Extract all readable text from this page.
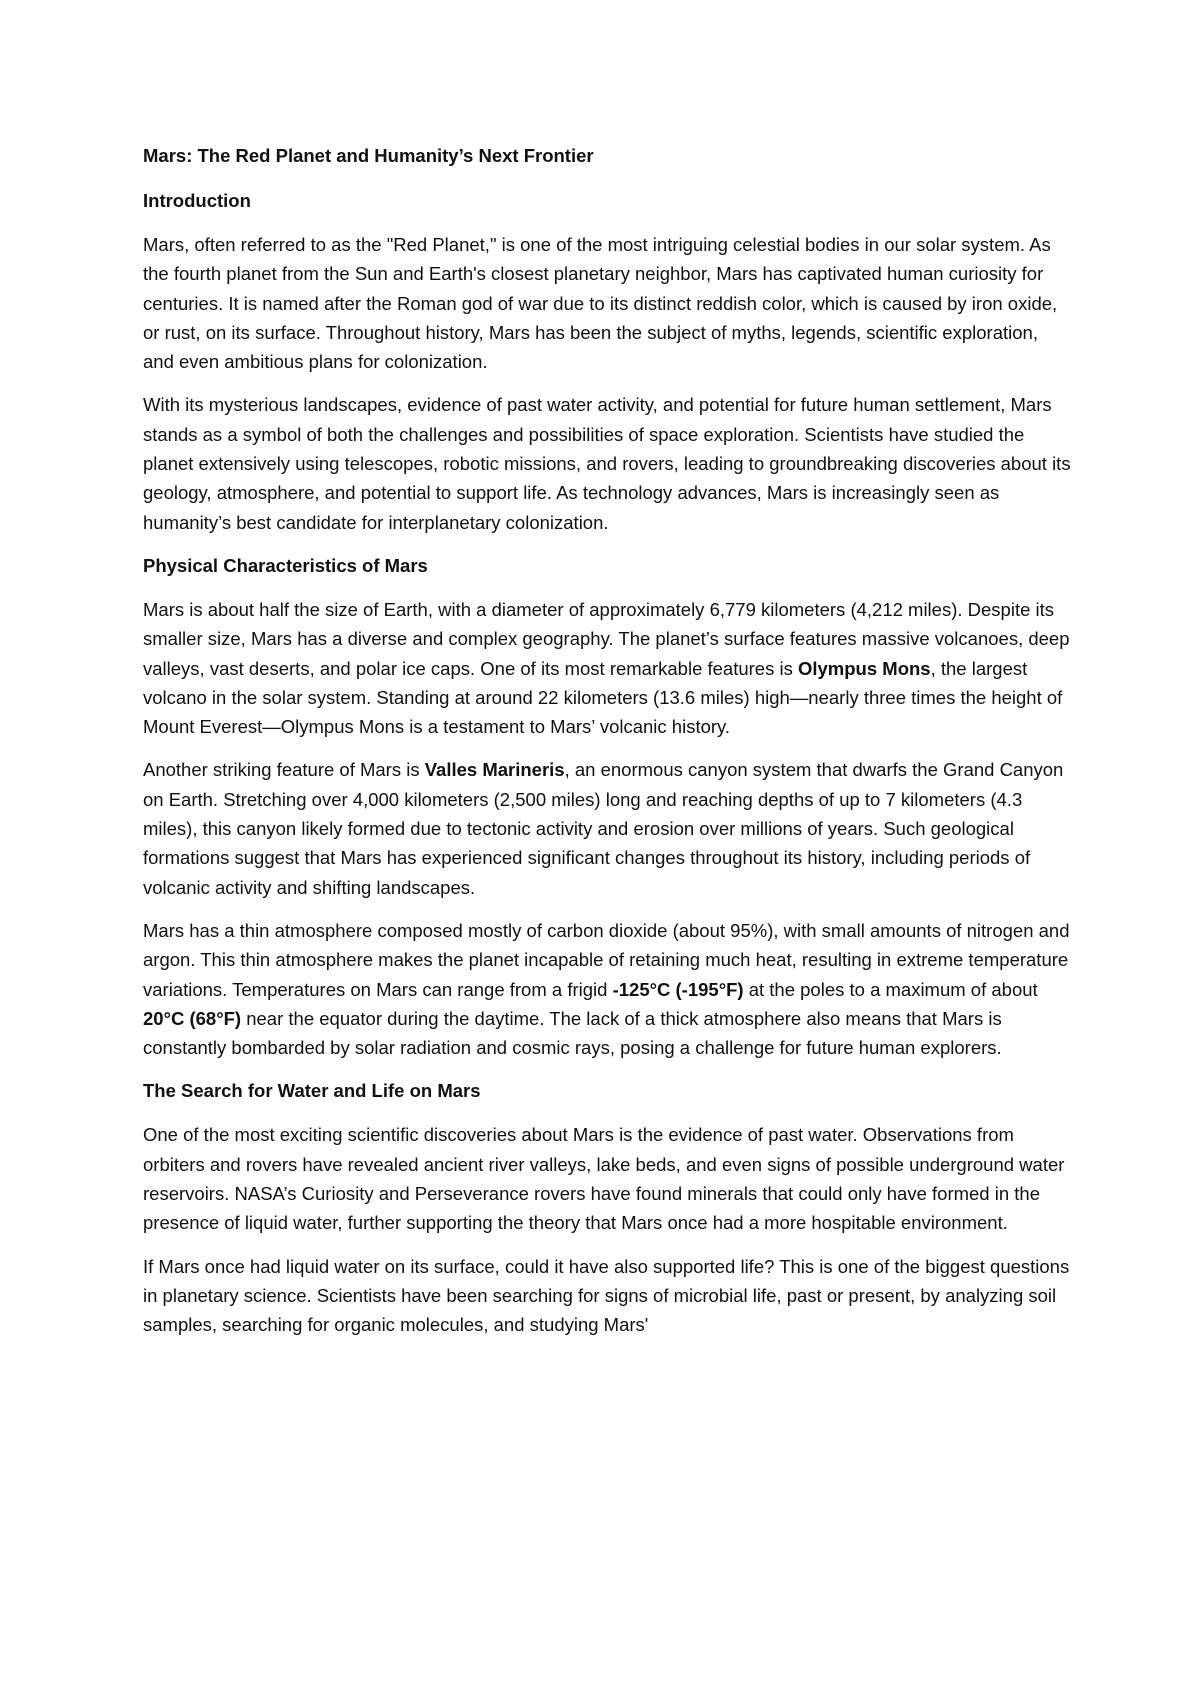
Mars: The Red Planet and Humanity’s Next Frontier
Introduction

Mars, often referred to as the "Red Planet," is one of the most intriguing celestial bodies in our solar system. As the fourth planet from the Sun and Earth's closest planetary neighbor, Mars has captivated human curiosity for centuries. It is named after the Roman god of war due to its distinct reddish color, which is caused by iron oxide, or rust, on its surface. Throughout history, Mars has been the subject of myths, legends, scientific exploration, and even ambitious plans for colonization.

With its mysterious landscapes, evidence of past water activity, and potential for future human settlement, Mars stands as a symbol of both the challenges and possibilities of space exploration. Scientists have studied the planet extensively using telescopes, robotic missions, and rovers, leading to groundbreaking discoveries about its geology, atmosphere, and potential to support life. As technology advances, Mars is increasingly seen as humanity’s best candidate for interplanetary colonization.

Physical Characteristics of Mars

Mars is about half the size of Earth, with a diameter of approximately 6,779 kilometers (4,212 miles). Despite its smaller size, Mars has a diverse and complex geography. The planet’s surface features massive volcanoes, deep valleys, vast deserts, and polar ice caps. One of its most remarkable features is Olympus Mons, the largest volcano in the solar system. Standing at around 22 kilometers (13.6 miles) high—nearly three times the height of Mount Everest—Olympus Mons is a testament to Mars’ volcanic history.

Another striking feature of Mars is Valles Marineris, an enormous canyon system that dwarfs the Grand Canyon on Earth. Stretching over 4,000 kilometers (2,500 miles) long and reaching depths of up to 7 kilometers (4.3 miles), this canyon likely formed due to tectonic activity and erosion over millions of years. Such geological formations suggest that Mars has experienced significant changes throughout its history, including periods of volcanic activity and shifting landscapes.

Mars has a thin atmosphere composed mostly of carbon dioxide (about 95%), with small amounts of nitrogen and argon. This thin atmosphere makes the planet incapable of retaining much heat, resulting in extreme temperature variations. Temperatures on Mars can range from a frigid -125°C (-195°F) at the poles to a maximum of about 20°C (68°F) near the equator during the daytime. The lack of a thick atmosphere also means that Mars is constantly bombarded by solar radiation and cosmic rays, posing a challenge for future human explorers.

The Search for Water and Life on Mars

One of the most exciting scientific discoveries about Mars is the evidence of past water. Observations from orbiters and rovers have revealed ancient river valleys, lake beds, and even signs of possible underground water reservoirs. NASA’s Curiosity and Perseverance rovers have found minerals that could only have formed in the presence of liquid water, further supporting the theory that Mars once had a more hospitable environment.

If Mars once had liquid water on its surface, could it have also supported life? This is one of the biggest questions in planetary science. Scientists have been searching for signs of microbial life, past or present, by analyzing soil samples, searching for organic molecules, and studying Mars'
